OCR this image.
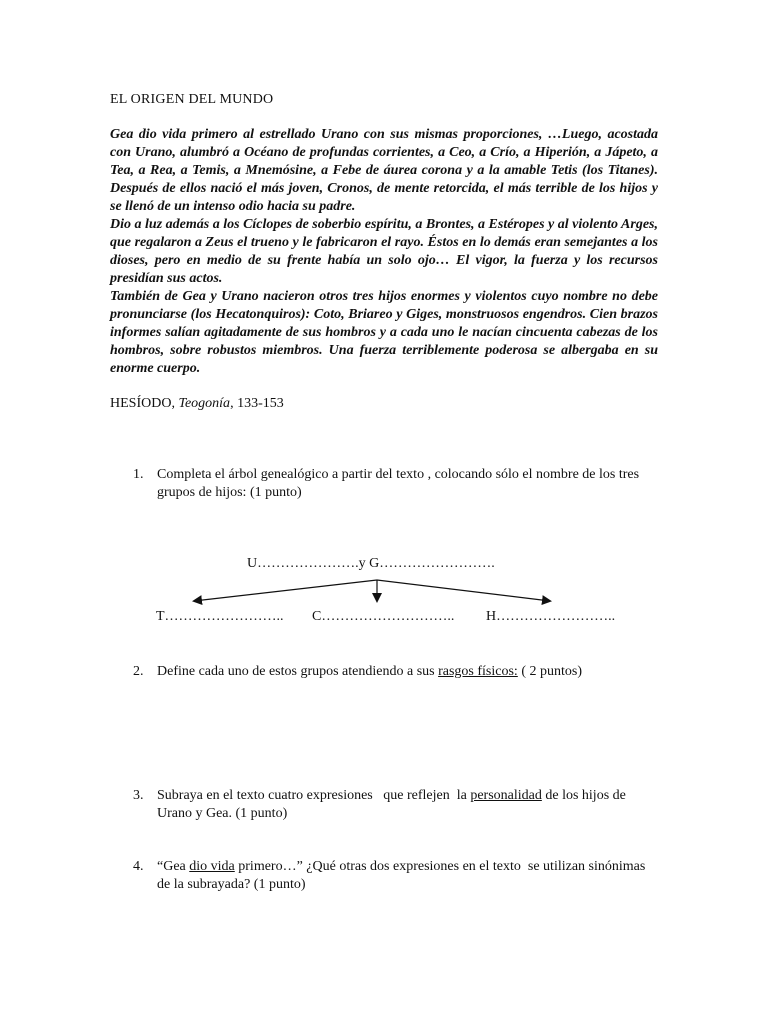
EL ORIGEN DEL MUNDO

Gea dio vida primero al estrellado Urano con sus mismas proporciones, …Luego, acostada con Urano, alumbró a Océano de profundas corrientes, a Ceo, a Crío, a Hiperión, a Jápeto, a Tea, a Rea, a Temis, a Mnemósine, a Febe de áurea corona y a la amable Tetis (los Titanes). Después de ellos nació el más joven, Cronos, de mente retorcida, el más terrible de los hijos y se llenó de un intenso odio hacia su padre.

Dio a luz además a los Cíclopes de soberbio espíritu, a Brontes, a Estéropes y al violento Arges, que regalaron a Zeus el trueno y le fabricaron el rayo. Éstos en lo demás eran semejantes a los dioses, pero en medio de su frente había un solo ojo… El vigor, la fuerza y los recursos presidían sus actos.

También de Gea y Urano nacieron otros tres hijos enormes y violentos cuyo nombre no debe pronunciarse (los Hecatonquiros): Coto, Briareo y Giges, monstruosos engendros. Cien brazos informes salían agitadamente de sus hombros y a cada uno le nacían cincuenta cabezas de los hombros, sobre robustos miembros. Una fuerza terriblemente poderosa se albergaba en su enorme cuerpo.

HESÍODO, Teogonía, 133-153
1. Completa el árbol genealógico a partir del texto , colocando sólo el nombre de los tres grupos de hijos: (1 punto)
U………………….y G…………………….
T…………………….. C……………………….. H……………………..
2. Define cada uno de estos grupos atendiendo a sus rasgos físicos: ( 2 puntos)
3. Subraya en el texto cuatro expresiones   que reflejen  la personalidad de los hijos de Urano y Gea. (1 punto)
4. “Gea dio vida primero…” ¿Qué otras dos expresiones en el texto  se utilizan sinónimas de la subrayada? (1 punto)
